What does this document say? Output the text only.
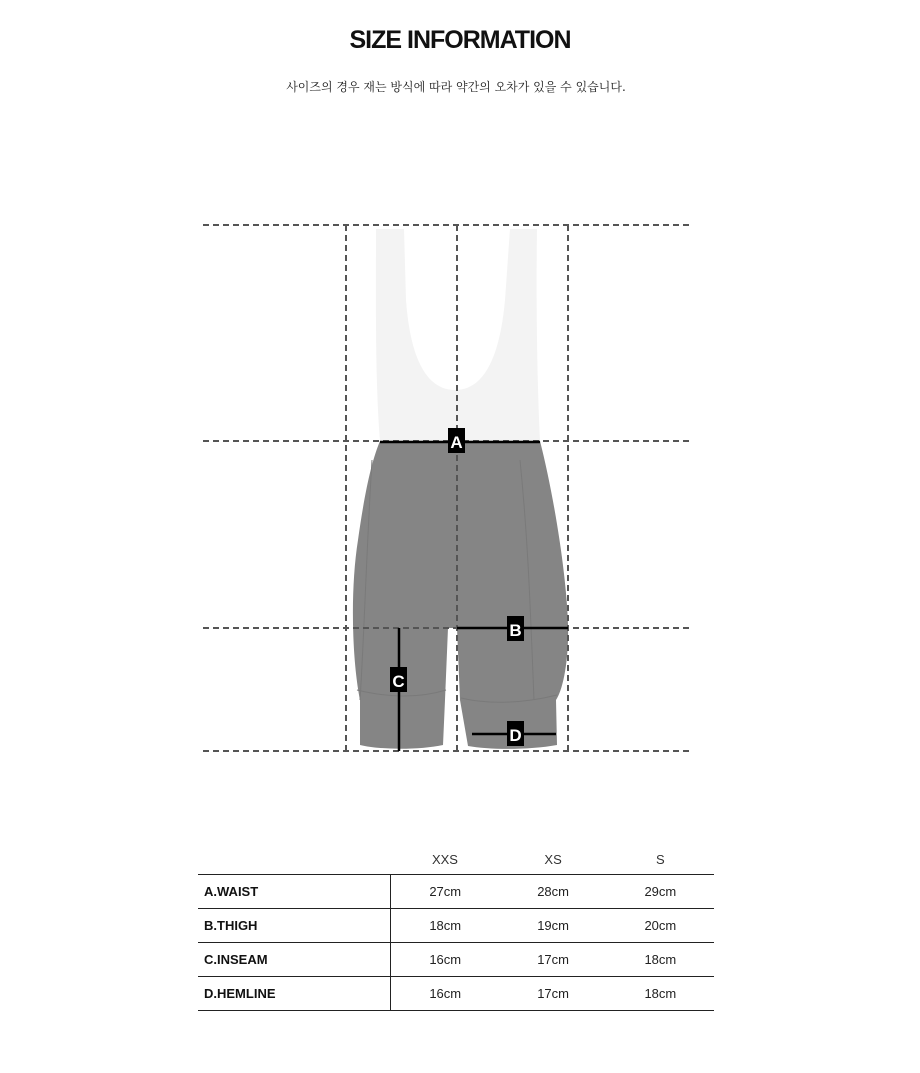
SIZE INFORMATION
사이즈의 경우 재는 방식에 따라 약간의 오차가 있을 수 있습니다.
A
B
C
D
	XXS	XS	S
A.WAIST	27cm	28cm	29cm
B.THIGH	18cm	19cm	20cm
C.INSEAM	16cm	17cm	18cm
D.HEMLINE	16cm	17cm	18cm
